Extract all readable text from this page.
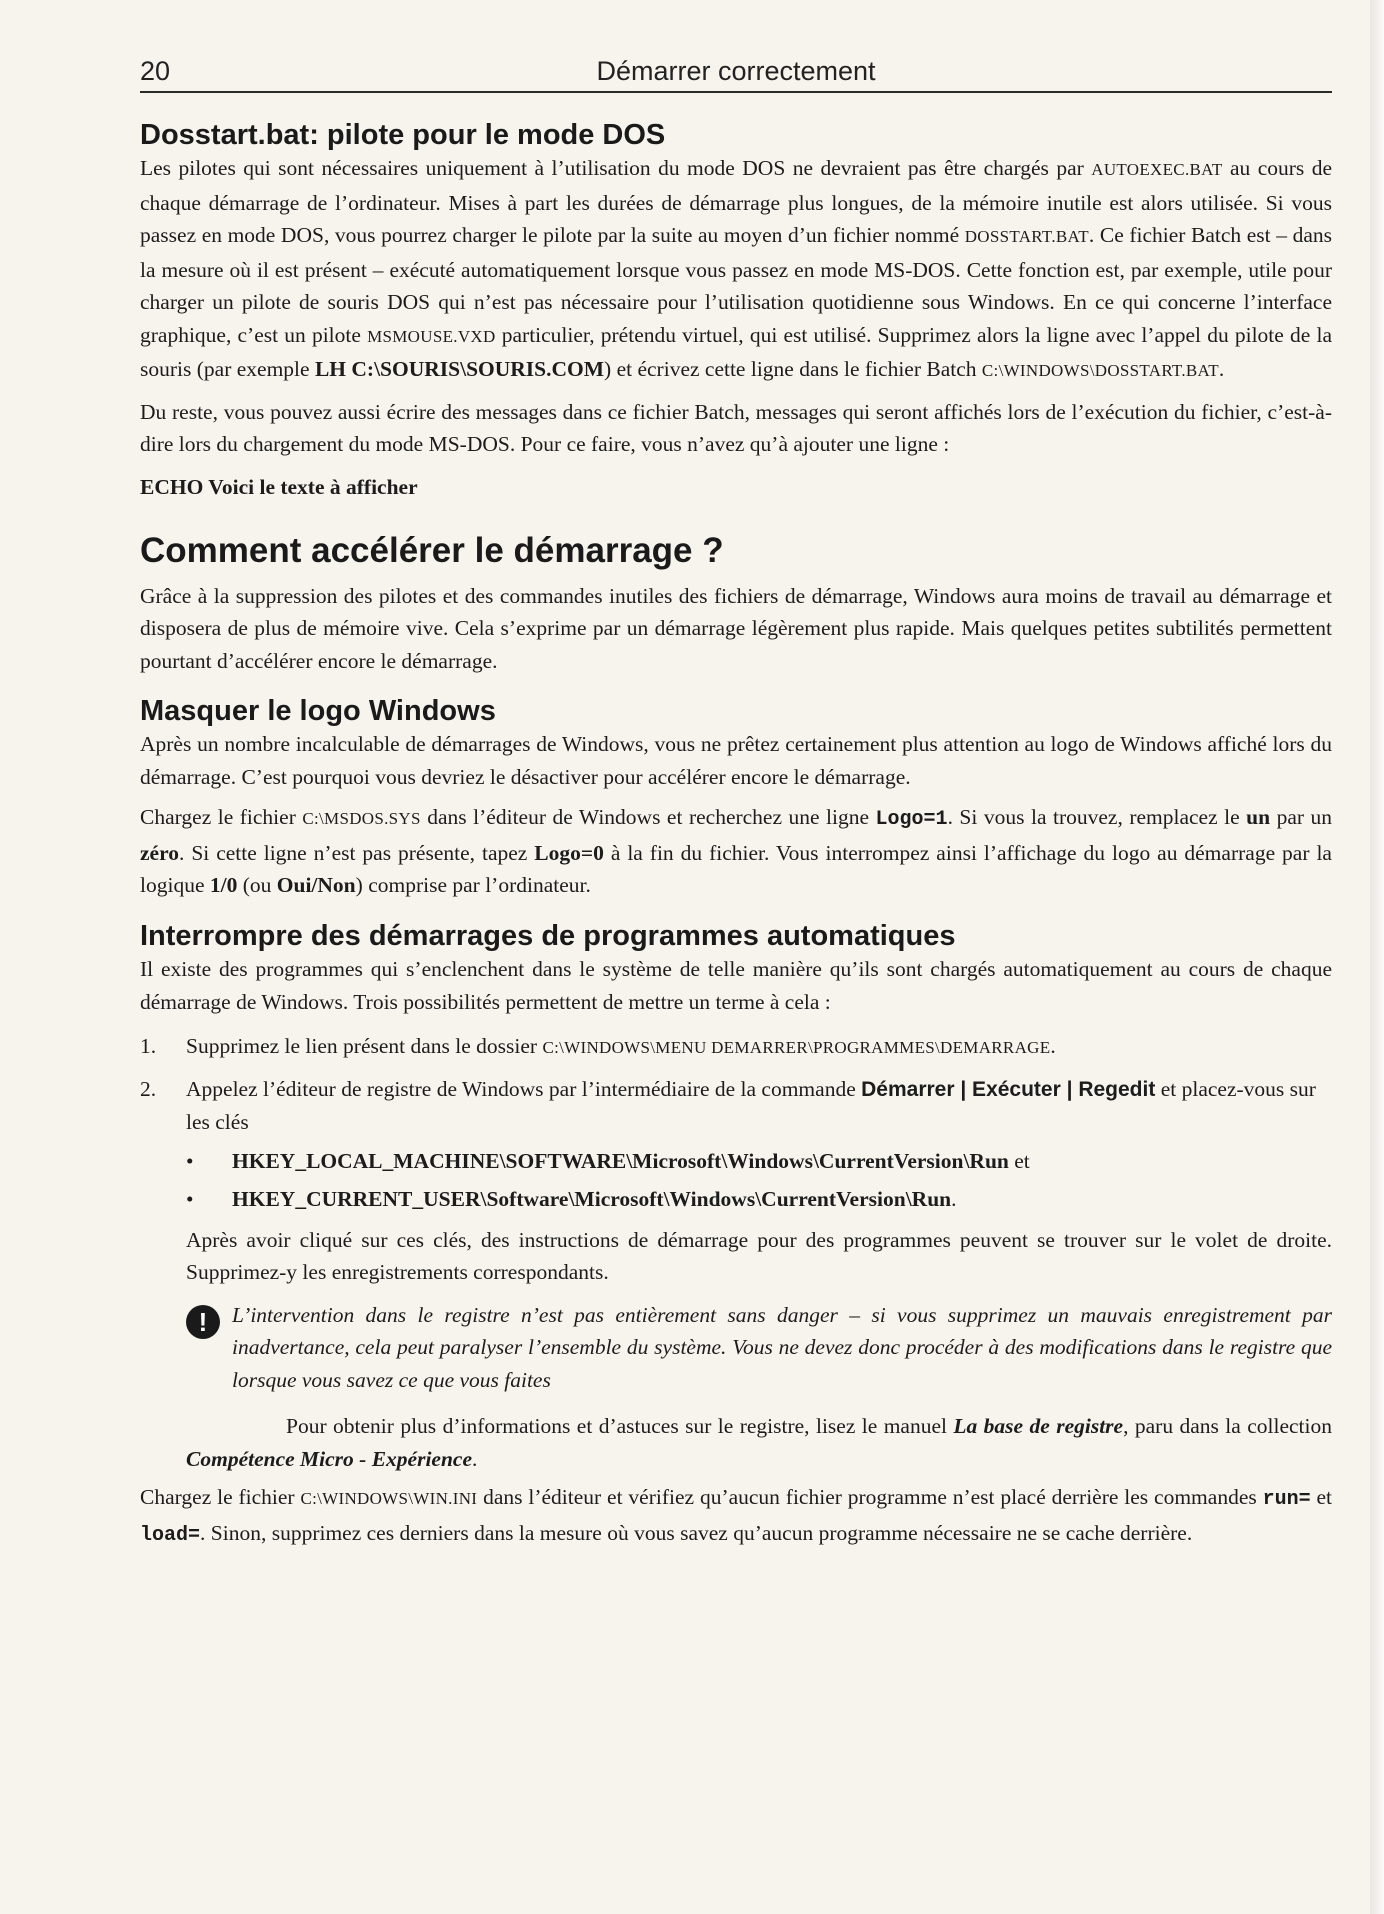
20	Démarrer correctement
Dosstart.bat: pilote pour le mode DOS

Les pilotes qui sont nécessaires uniquement à l’utilisation du mode DOS ne devraient pas être chargés par AUTOEXEC.BAT au cours de chaque démarrage de l’ordinateur. Mises à part les durées de démarrage plus longues, de la mémoire inutile est alors utilisée. Si vous passez en mode DOS, vous pourrez charger le pilote par la suite au moyen d’un fichier nommé DOSSTART.BAT. Ce fichier Batch est – dans la mesure où il est présent – exécuté automatiquement lorsque vous passez en mode MS-DOS. Cette fonction est, par exemple, utile pour charger un pilote de souris DOS qui n’est pas nécessaire pour l’utilisation quotidienne sous Windows. En ce qui concerne l’interface graphique, c’est un pilote MSMOUSE.VXD particulier, prétendu virtuel, qui est utilisé. Supprimez alors la ligne avec l’appel du pilote de la souris (par exemple LH C:\SOURIS\SOURIS.COM) et écrivez cette ligne dans le fichier Batch C:\WINDOWS\DOSSTART.BAT.

Du reste, vous pouvez aussi écrire des messages dans ce fichier Batch, messages qui seront affichés lors de l’exécution du fichier, c’est-à-dire lors du chargement du mode MS-DOS. Pour ce faire, vous n’avez qu’à ajouter une ligne :

ECHO Voici le texte à afficher

Comment accélérer le démarrage ?

Grâce à la suppression des pilotes et des commandes inutiles des fichiers de démarrage, Windows aura moins de travail au démarrage et disposera de plus de mémoire vive. Cela s’exprime par un démarrage légèrement plus rapide. Mais quelques petites subtilités permettent pourtant d’accélérer encore le démarrage.

Masquer le logo Windows

Après un nombre incalculable de démarrages de Windows, vous ne prêtez certainement plus attention au logo de Windows affiché lors du démarrage. C’est pourquoi vous devriez le désactiver pour accélérer encore le démarrage.

Chargez le fichier C:\MSDOS.SYS dans l’éditeur de Windows et recherchez une ligne Logo=1. Si vous la trouvez, remplacez le un par un zéro. Si cette ligne n’est pas présente, tapez Logo=0 à la fin du fichier. Vous interrompez ainsi l’affichage du logo au démarrage par la logique 1/0 (ou Oui/Non) comprise par l’ordinateur.

Interrompre des démarrages de programmes automatiques

Il existe des programmes qui s’enclenchent dans le système de telle manière qu’ils sont chargés automatiquement au cours de chaque démarrage de Windows. Trois possibilités permettent de mettre un terme à cela :

1.	Supprimez le lien présent dans le dossier C:\WINDOWS\MENU DEMARRER\PROGRAMMES\DEMARRAGE.
2.	Appelez l’éditeur de registre de Windows par l’intermédiaire de la commande Démarrer | Exécuter | Regedit et placez-vous sur les clés
•	HKEY_LOCAL_MACHINE\SOFTWARE\Microsoft\Windows\CurrentVersion\Run et
•	HKEY_CURRENT_USER\Software\Microsoft\Windows\CurrentVersion\Run.

Après avoir cliqué sur ces clés, des instructions de démarrage pour des programmes peuvent se trouver sur le volet de droite. Supprimez-y les enregistrements correspondants.

!	L’intervention dans le registre n’est pas entièrement sans danger – si vous supprimez un mauvais enregistrement par inadvertance, cela peut paralyser l’ensemble du système. Vous ne devez donc procéder à des modifications dans le registre que lorsque vous savez ce que vous faites

Pour obtenir plus d’informations et d’astuces sur le registre, lisez le manuel La base de registre, paru dans la collection Compétence Micro - Expérience.

Chargez le fichier C:\WINDOWS\WIN.INI dans l’éditeur et vérifiez qu’aucun fichier programme n’est placé derrière les commandes run= et load=. Sinon, supprimez ces derniers dans la mesure où vous savez qu’aucun programme nécessaire ne se cache derrière.
